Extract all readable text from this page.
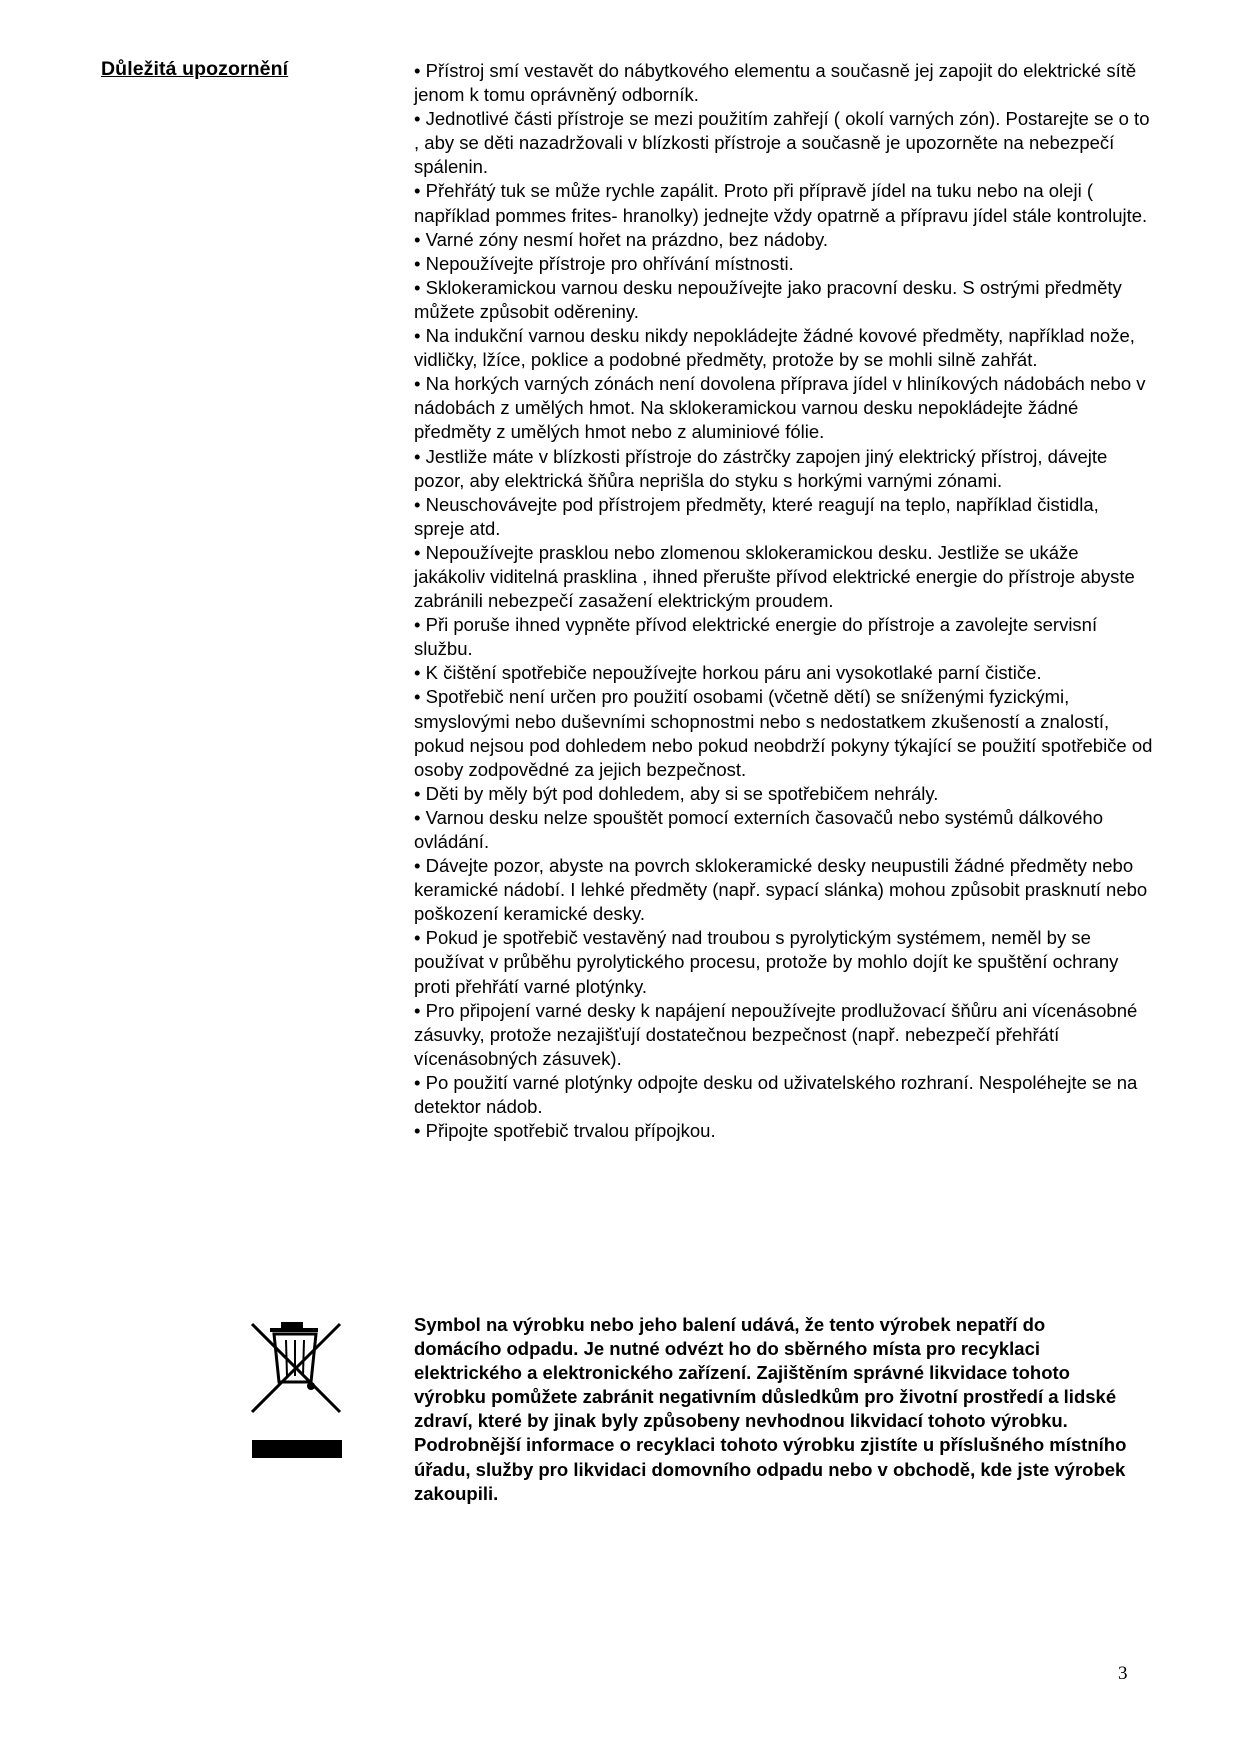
Důležitá upozornění	• Přístroj smí vestavět do nábytkového elementu a současně jej zapojit do elektrické sítě jenom k tomu oprávněný odborník.

• Jednotlivé části přístroje se mezi použitím zahřejí ( okolí varných zón). Postarejte se o to , aby se děti nazadržovali v blízkosti přístroje a současně je upozorněte na nebezpečí spálenin.

• Přehřátý tuk se může rychle zapálit. Proto při přípravě jídel na tuku nebo na oleji ( například pommes frites- hranolky) jednejte vždy opatrně a přípravu jídel stále kontrolujte.

• Varné zóny nesmí hořet na prázdno, bez nádoby.

• Nepoužívejte přístroje pro ohřívání místnosti.

• Sklokeramickou varnou desku nepoužívejte jako pracovní desku. S ostrými předměty můžete způsobit oděreniny.

• Na indukční varnou desku nikdy nepokládejte žádné kovové předměty, například nože, vidličky, lžíce, poklice a podobné předměty, protože by se mohli silně zahřát.

• Na horkých varných zónách není dovolena příprava jídel v hliníkových nádobách nebo v nádobách z umělých hmot. Na sklokeramickou varnou desku nepokládejte žádné předměty z umělých hmot nebo z aluminiové fólie.

• Jestliže máte v blízkosti přístroje do zástrčky zapojen jiný elektrický přístroj, dávejte pozor, aby elektrická šňůra neprišla do styku s horkými varnými zónami.

• Neuschovávejte pod přístrojem předměty, které reagují na teplo, například čistidla, spreje atd.

• Nepoužívejte prasklou nebo zlomenou sklokeramickou desku. Jestliže se ukáže jakákoliv viditelná prasklina , ihned přerušte přívod elektrické energie do přístroje abyste zabránili nebezpečí zasažení elektrickým proudem.

• Při poruše ihned vypněte přívod elektrické energie do přístroje a zavolejte servisní službu.

• K čištění spotřebiče nepoužívejte horkou páru ani vysokotlaké parní čističe.

• Spotřebič není určen pro použití osobami (včetně dětí) se sníženými fyzickými, smyslovými nebo duševními schopnostmi nebo s nedostatkem zkušeností a znalostí, pokud nejsou pod dohledem nebo pokud neobdrží pokyny týkající se použití spotřebiče od osoby zodpovědné za jejich bezpečnost.

• Děti by měly být pod dohledem, aby si se spotřebičem nehrály.

• Varnou desku nelze spouštět pomocí externích časovačů nebo systémů dálkového ovládání.

• Dávejte pozor, abyste na povrch sklokeramické desky neupustili žádné předměty nebo keramické nádobí. I lehké předměty (např. sypací slánka) mohou způsobit prasknutí nebo poškození keramické desky.

• Pokud je spotřebič vestavěný nad troubou s pyrolytickým systémem, neměl by se používat v průběhu pyrolytického procesu, protože by mohlo dojít ke spuštění ochrany proti přehřátí varné plotýnky.

• Pro připojení varné desky k napájení nepoužívejte prodlužovací šňůru ani vícenásobné zásuvky, protože nezajišťují dostatečnou bezpečnost (např. nebezpečí přehřátí vícenásobných zásuvek).

• Po použití varné plotýnky odpojte desku od uživatelského rozhraní. Nespoléhejte se na detektor nádob.

• Připojte spotřebič trvalou přípojkou.

Symbol na výrobku nebo jeho balení udává, že tento výrobek nepatří do domácího odpadu. Je nutné odvézt ho do sběrného místa pro recyklaci elektrického a elektronického zařízení. Zajištěním správné likvidace tohoto výrobku pomůžete zabránit negativním důsledkům pro životní prostředí a lidské zdraví, které by jinak byly způsobeny nevhodnou likvidací tohoto výrobku. Podrobnější informace o recyklaci tohoto výrobku zjistíte u příslušného místního úřadu, služby pro likvidaci domovního odpadu nebo v obchodě, kde jste výrobek zakoupili.
3
